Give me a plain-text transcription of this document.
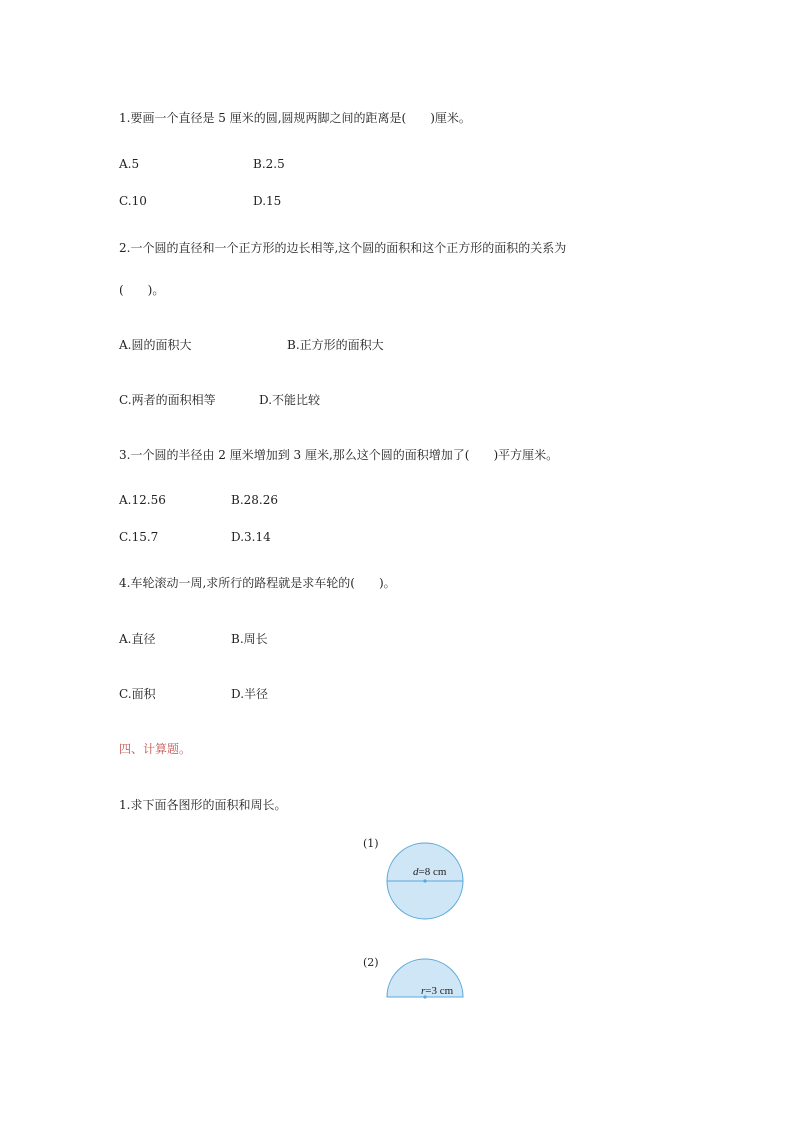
1.要画一个直径是 5 厘米的圆,圆规两脚之间的距离是(　　)厘米。
A.5	B.2.5
C.10	D.15
2.一个圆的直径和一个正方形的边长相等,这个圆的面积和这个正方形的面积的关系为
(　　)。
A.圆的面积大	B.正方形的面积大
C.两者的面积相等	D.不能比较
3.一个圆的半径由 2 厘米增加到 3 厘米,那么这个圆的面积增加了(　　)平方厘米。
A.12.56	B.28.26
C.15.7	D.3.14
4.车轮滚动一周,求所行的路程就是求车轮的(　　)。
A.直径	B.周长
C.面积	D.半径
四、计算题。
1.求下面各图形的面积和周长。
(1)
d=8 cm
(2)
r=3 cm
